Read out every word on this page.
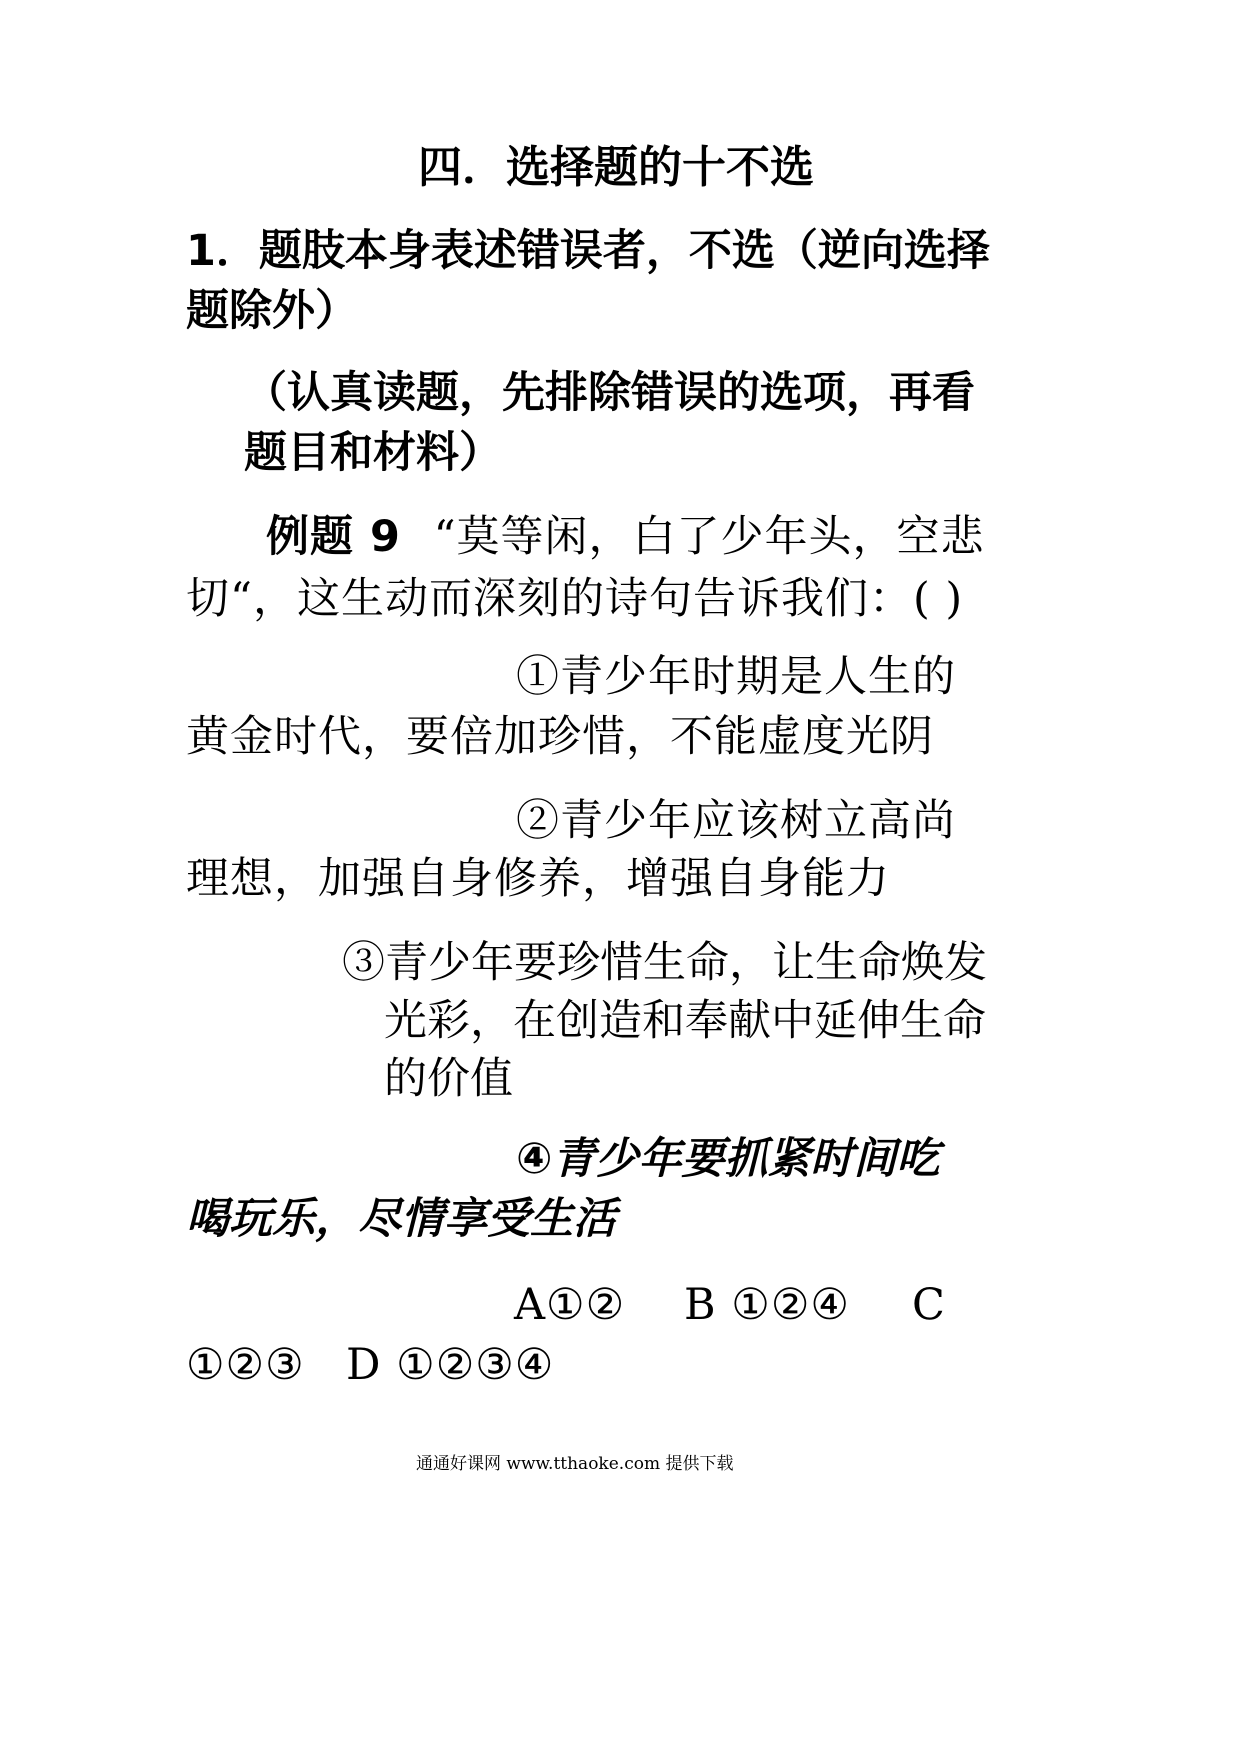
四．选择题的十不选
1．题肢本身表述错误者，不选（逆向选择
题除外）
（认真读题，先排除错误的选项，再看
题目和材料）
例题 9 “莫等闲，白了少年头，空悲
切“，这生动而深刻的诗句告诉我们：( )
①青少年时期是人生的
黄金时代，要倍加珍惜，不能虚度光阴
②青少年应该树立高尚
理想，加强自身修养，增强自身能力
③青少年要珍惜生命，让生命焕发
光彩，在创造和奉献中延伸生命
的价值
④青少年要抓紧时间吃
喝玩乐，尽情享受生活
A①② B ①②④ C
①②③ D ①②③④
通通好课网 www.tthaoke.com 提供下载
